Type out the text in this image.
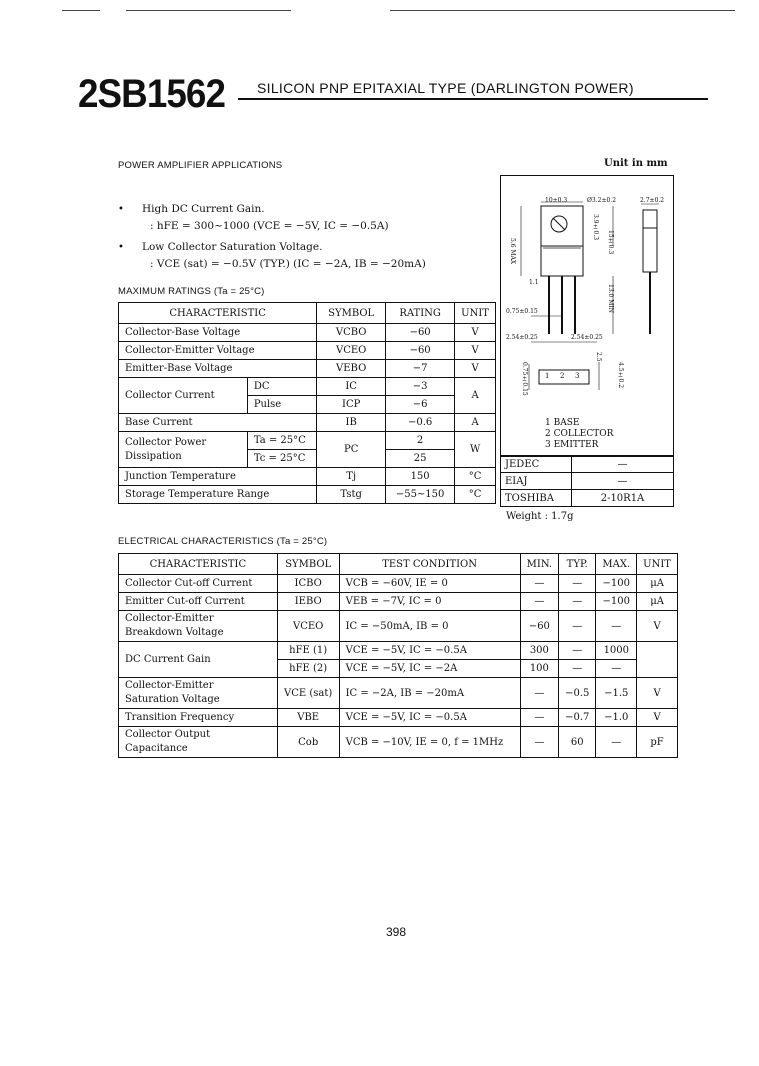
2SB1562 SILICON PNP EPITAXIAL TYPE (DARLINGTON POWER)
POWER AMPLIFIER APPLICATIONS	Unit in mm
• High DC Current Gain.
: hFE = 300~1000 (VCE = −5V, IC = −0.5A)
• Low Collector Saturation Voltage.
: VCE (sat) = −0.5V (TYP.) (IC = −2A, IB = −20mA)
MAXIMUM RATINGS (Ta = 25°C)
CHARACTERISTIC		SYMBOL	RATING	UNIT
Collector-Base Voltage		VCBO	−60	V
Collector-Emitter Voltage		VCEO	−60	V
Emitter-Base Voltage		VEBO	−7	V
Collector Current	DC	IC	−3	A
	Pulse	ICP	−6	
Base Current		IB	−0.6	A

Collector Power
Dissipation	Ta = 25°C	PC	2	W
	Tc = 25°C		25	
Junction Temperature		Tj	150	°C
Storage Temperature Range		Tstg	−55~150	°C
10±0.3	Ø3.2±0.2	2.7±0.2
3.9±0.3
15±0.3
5.6 MAX
1.1
13.0 MIN
0.75±0.15
2.54±0.25	2.54±0.25
2.5
4.5±0.2
0.75±0.15 1 2 3
1 BASE
2 COLLECTOR
3 EMITTER
JEDEC	—
EIAJ	—
TOSHIBA	2-10R1A
Weight : 1.7g
ELECTRICAL CHARACTERISTICS (Ta = 25°C)
CHARACTERISTIC	SYMBOL	TEST CONDITION	MIN.	TYP.	MAX.	UNIT
Collector Cut-off Current	ICBO	VCB = −60V, IE = 0	—	—	−100	μA
Emitter Cut-off Current	IEBO	VEB = −7V, IC = 0	—	—	−100	μA

Collector-Emitter
Breakdown Voltage	VCEO	IC = −50mA, IB = 0	−60	—	—	V
DC Current Gain	hFE (1)	VCE = −5V, IC = −0.5A	300	—	1000	
	hFE (2)	VCE = −5V, IC = −2A	100	—	—	

Collector-Emitter
Saturation Voltage	VCE (sat)	IC = −2A, IB = −20mA	—	−0.5	−1.5	V
Transition Frequency	VBE	VCE = −5V, IC = −0.5A	—	−0.7	−1.0	V

Collector Output
Capacitance	Cob	VCB = −10V, IE = 0, f = 1MHz	—	60	—	pF
398
